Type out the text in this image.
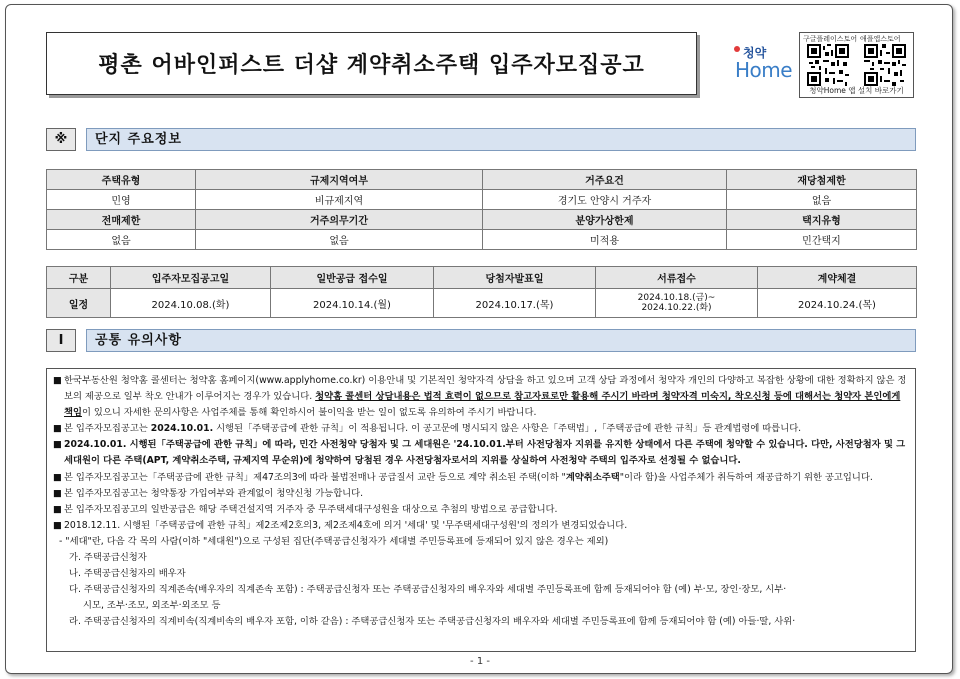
평촌 어바인퍼스트 더샵 계약취소주택 입주자모집공고	청약
Home
구글플레이스토어 애플앱스토어
청약Home 앱 설치 바로가기
※	단지 주요정보
주택유형	규제지역여부	거주요건	재당첨제한
민영	비규제지역	경기도 안양시 거주자	없음
전매제한	거주의무기간	분양가상한제	택지유형
없음	없음	미적용	민간택지
구분	입주자모집공고일	일반공급 접수일	당첨자발표일	서류접수	계약체결
일정	2024.10.08.(화)	2024.10.14.(월)	2024.10.17.(목)	2024.10.18.(금)~
2024.10.22.(화)	2024.10.24.(목)
Ⅰ	공통 유의사항
■ 한국부동산원 청약홈 콜센터는 청약홈 홈페이지(www.applyhome.co.kr) 이용안내 및 기본적인 청약자격 상담을 하고 있으며 고객 상담 과정에서 청약자 개인의 다양하고 복잡한 상황에 대한 정확하지 않은 정보의 제공으로 일부 착오 안내가 이루어지는 경우가 있습니다. 청약홈 콜센터 상담내용은 법적 효력이 없으므로 참고자료로만 활용해 주시기 바라며 청약자격 미숙지, 착오신청 등에 대해서는 청약자 본인에게 책임이 있으니 자세한 문의사항은 사업주체를 통해 확인하시어 불이익을 받는 일이 없도록 유의하여 주시기 바랍니다.
■ 본 입주자모집공고는 2024.10.01. 시행된「주택공급에 관한 규칙」이 적용됩니다. 이 공고문에 명시되지 않은 사항은「주택법」,「주택공급에 관한 규칙」등 관계법령에 따릅니다.
■ 2024.10.01. 시행된「주택공급에 관한 규칙」에 따라, 민간 사전청약 당첨자 및 그 세대원은 '24.10.01.부터 사전당첨자 지위를 유지한 상태에서 다른 주택에 청약할 수 있습니다. 다만, 사전당첨자 및 그 세대원이 다른 주택(APT, 계약취소주택, 규제지역 무순위)에 청약하여 당첨된 경우 사전당첨자로서의 지위를 상실하여 사전청약 주택의 입주자로 선정될 수 없습니다.
■ 본 입주자모집공고는「주택공급에 관한 규칙」제47조의3에 따라 불법전매나 공급질서 교란 등으로 계약 취소된 주택(이하 "계약취소주택"이라 함)을 사업주체가 취득하여 재공급하기 위한 공고입니다.
■ 본 입주자모집공고는 청약통장 가입여부와 관계없이 청약신청 가능합니다.
■ 본 입주자모집공고의 일반공급은 해당 주택건설지역 거주자 중 무주택세대구성원을 대상으로 추첨의 방법으로 공급합니다.
■ 2018.12.11. 시행된「주택공급에 관한 규칙」제2조제2호의3, 제2조제4호에 의거 '세대' 및 '무주택세대구성원'의 정의가 변경되었습니다.
- "세대"란, 다음 각 목의 사람(이하 "세대원")으로 구성된 집단(주택공급신청자가 세대별 주민등록표에 등재되어 있지 않은 경우는 제외)
가. 주택공급신청자
나. 주택공급신청자의 배우자
다. 주택공급신청자의 직계존속(배우자의 직계존속 포함) : 주택공급신청자 또는 주택공급신청자의 배우자와 세대별 주민등록표에 함께 등재되어야 함 (예) 부·모, 장인·장모, 시부·
시모, 조부·조모, 외조부·외조모 등
라. 주택공급신청자의 직계비속(직계비속의 배우자 포함, 이하 같음) : 주택공급신청자 또는 주택공급신청자의 배우자와 세대별 주민등록표에 함께 등재되어야 함 (예) 아들·딸, 사위·
- 1 -
